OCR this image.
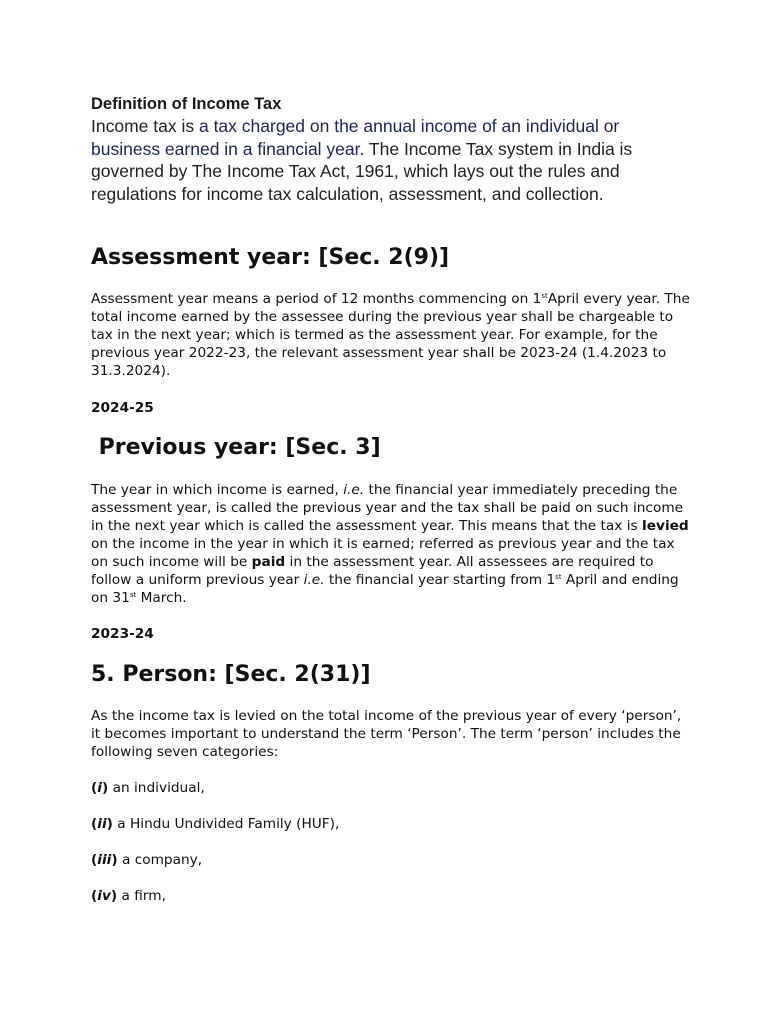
Definition of Income Tax

Income tax is a tax charged on the annual income of an individual or business earned in a financial year. The Income Tax system in India is governed by The Income Tax Act, 1961, which lays out the rules and regulations for income tax calculation, assessment, and collection.

Assessment year: [Sec. 2(9)]

Assessment year means a period of 12 months commencing on 1stApril every year. The total income earned by the assessee during the previous year shall be chargeable to tax in the next year; which is termed as the assessment year. For example, for the previous year 2022-23, the relevant assessment year shall be 2023-24 (1.4.2023 to 31.3.2024).

2024-25

Previous year: [Sec. 3]

The year in which income is earned, i.e. the financial year immediately preceding the assessment year, is called the previous year and the tax shall be paid on such income in the next year which is called the assessment year. This means that the tax is levied on the income in the year in which it is earned; referred as previous year and the tax on such income will be paid in the assessment year. All assessees are required to follow a uniform previous year i.e. the financial year starting from 1st April and ending on 31st March.

2023-24

5. Person: [Sec. 2(31)]

As the income tax is levied on the total income of the previous year of every ‘person’, it becomes important to understand the term ‘Person’. The term ‘person’ includes the following seven categories:

(i) an individual,

(ii) a Hindu Undivided Family (HUF),

(iii) a company,

(iv) a firm,
